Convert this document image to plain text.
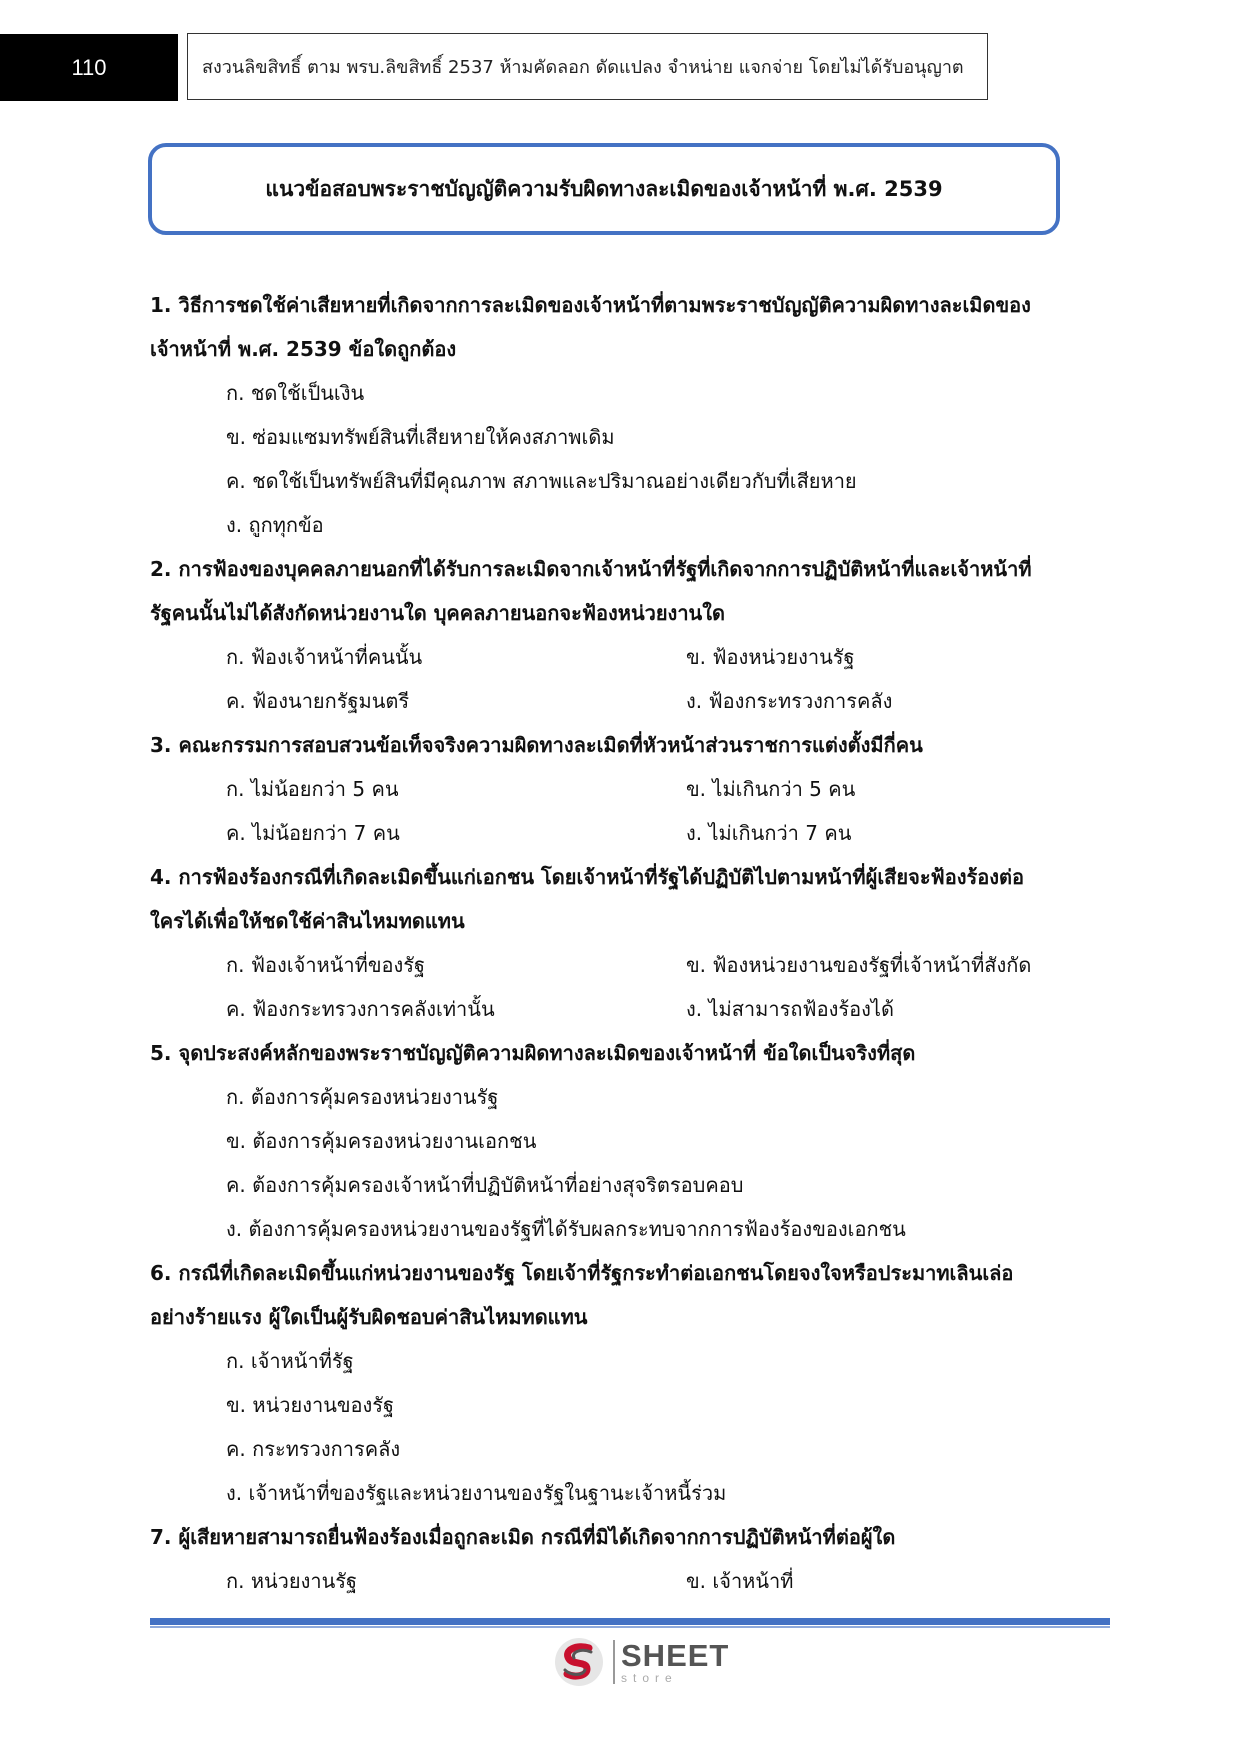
110	สงวนลิขสิทธิ์ ตาม พรบ.ลิขสิทธิ์ 2537 ห้ามคัดลอก ดัดแปลง จำหน่าย แจกจ่าย โดยไม่ได้รับอนุญาต
แนวข้อสอบพระราชบัญญัติความรับผิดทางละเมิดของเจ้าหน้าที่ พ.ศ. 2539
1. วิธีการชดใช้ค่าเสียหายที่เกิดจากการละเมิดของเจ้าหน้าที่ตามพระราชบัญญัติความผิดทางละเมิดของ
เจ้าหน้าที่ พ.ศ. 2539 ข้อใดถูกต้อง
ก. ชดใช้เป็นเงิน
ข. ซ่อมแซมทรัพย์สินที่เสียหายให้คงสภาพเดิม
ค. ชดใช้เป็นทรัพย์สินที่มีคุณภาพ สภาพและปริมาณอย่างเดียวกับที่เสียหาย
ง. ถูกทุกข้อ
2. การฟ้องของบุคคลภายนอกที่ได้รับการละเมิดจากเจ้าหน้าที่รัฐที่เกิดจากการปฏิบัติหน้าที่และเจ้าหน้าที่
รัฐคนนั้นไม่ได้สังกัดหน่วยงานใด บุคคลภายนอกจะฟ้องหน่วยงานใด
ก. ฟ้องเจ้าหน้าที่คนนั้น	ข. ฟ้องหน่วยงานรัฐ
ค. ฟ้องนายกรัฐมนตรี	ง. ฟ้องกระทรวงการคลัง
3. คณะกรรมการสอบสวนข้อเท็จจริงความผิดทางละเมิดที่หัวหน้าส่วนราชการแต่งตั้งมีกี่คน
ก. ไม่น้อยกว่า 5 คน	ข. ไม่เกินกว่า 5 คน
ค. ไม่น้อยกว่า 7 คน	ง. ไม่เกินกว่า 7 คน
4. การฟ้องร้องกรณีที่เกิดละเมิดขึ้นแก่เอกชน โดยเจ้าหน้าที่รัฐได้ปฏิบัติไปตามหน้าที่ผู้เสียจะฟ้องร้องต่อ
ใครได้เพื่อให้ชดใช้ค่าสินไหมทดแทน
ก. ฟ้องเจ้าหน้าที่ของรัฐ	ข. ฟ้องหน่วยงานของรัฐที่เจ้าหน้าที่สังกัด
ค. ฟ้องกระทรวงการคลังเท่านั้น	ง. ไม่สามารถฟ้องร้องได้
5. จุดประสงค์หลักของพระราชบัญญัติความผิดทางละเมิดของเจ้าหน้าที่ ข้อใดเป็นจริงที่สุด
ก. ต้องการคุ้มครองหน่วยงานรัฐ
ข. ต้องการคุ้มครองหน่วยงานเอกชน
ค. ต้องการคุ้มครองเจ้าหน้าที่ปฏิบัติหน้าที่อย่างสุจริตรอบคอบ
ง. ต้องการคุ้มครองหน่วยงานของรัฐที่ได้รับผลกระทบจากการฟ้องร้องของเอกชน
6. กรณีที่เกิดละเมิดขึ้นแก่หน่วยงานของรัฐ โดยเจ้าที่รัฐกระทำต่อเอกชนโดยจงใจหรือประมาทเลินเล่อ
อย่างร้ายแรง ผู้ใดเป็นผู้รับผิดชอบค่าสินไหมทดแทน
ก. เจ้าหน้าที่รัฐ
ข. หน่วยงานของรัฐ
ค. กระทรวงการคลัง
ง. เจ้าหน้าที่ของรัฐและหน่วยงานของรัฐในฐานะเจ้าหนี้ร่วม
7. ผู้เสียหายสามารถยื่นฟ้องร้องเมื่อถูกละเมิด กรณีที่มิได้เกิดจากการปฏิบัติหน้าที่ต่อผู้ใด
ก. หน่วยงานรัฐ	ข. เจ้าหน้าที่
SHEET
store
